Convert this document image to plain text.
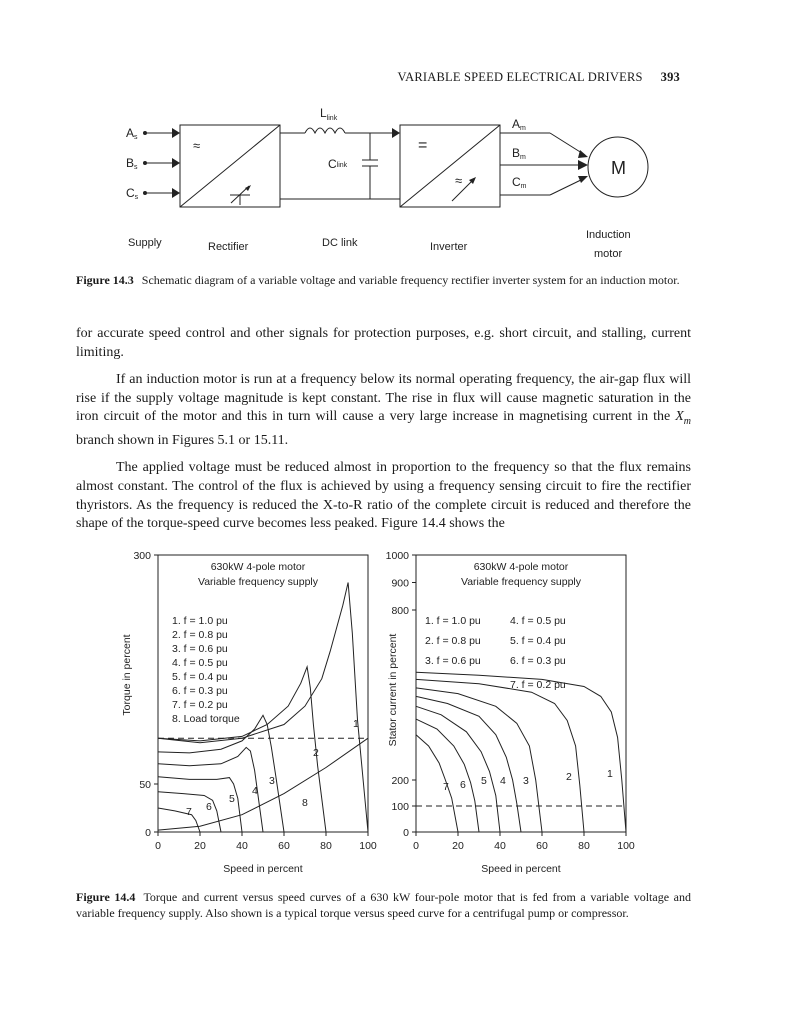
VARIABLE SPEED ELECTRICAL DRIVERS 393
≈	=
≈
As
Bs
Cs
$L_{link}$
Clink
Am
Bm
Cm
M
Supply	Rectifier	DC link	Inverter
Induction
motor
Figure 14.3 Schematic diagram of a variable voltage and variable frequency rectifier inverter system for an induction motor.

for accurate speed control and other signals for protection purposes, e.g. short circuit, and stalling, current limiting.

If an induction motor is run at a frequency below its normal operating frequency, the air-gap flux will rise if the supply voltage magnitude is kept constant. The rise in flux will cause magnetic saturation in the iron circuit of the motor and this in turn will cause a very large increase in magnetising current in the $X_m$ branch shown in Figures 5.1 or 15.11.

The applied voltage must be reduced almost in proportion to the frequency so that the flux remains almost constant. The control of the flux is achieved by using a frequency sensing circuit to fire the rectifier thyristors. As the frequency is reduced the X-to-R ratio of the complete circuit is reduced and therefore the shape of the torque-speed curve becomes less peaked. Figure 14.4 shows the

1
2
3
4
5
6
7
8
0	20	40	60	80	100
0
50
300
630kW 4-pole motor
Variable frequency supply
1. f = 1.0 pu
2. f = 0.8 pu
3. f = 0.6 pu
4. f = 0.5 pu
5. f = 0.4 pu
6. f = 0.3 pu
7. f = 0.2 pu
8. Load torque
Speed in percent
Torque in percent
1
2
3
4
5
6
7
0	20	40	60	80	100
0
100
200
800
900
1000
630kW 4-pole motor
Variable frequency supply
1. f = 1.0 pu
2. f = 0.8 pu
3. f = 0.6 pu
4. f = 0.5 pu
5. f = 0.4 pu
6. f = 0.3 pu
7. f = 0.2 pu
Speed in percent
Stator current in percent
Figure 14.4 Torque and current versus speed curves of a 630 kW four-pole motor that is fed from a variable voltage and variable frequency supply. Also shown is a typical torque versus speed curve for a centrifugal pump or compressor.
